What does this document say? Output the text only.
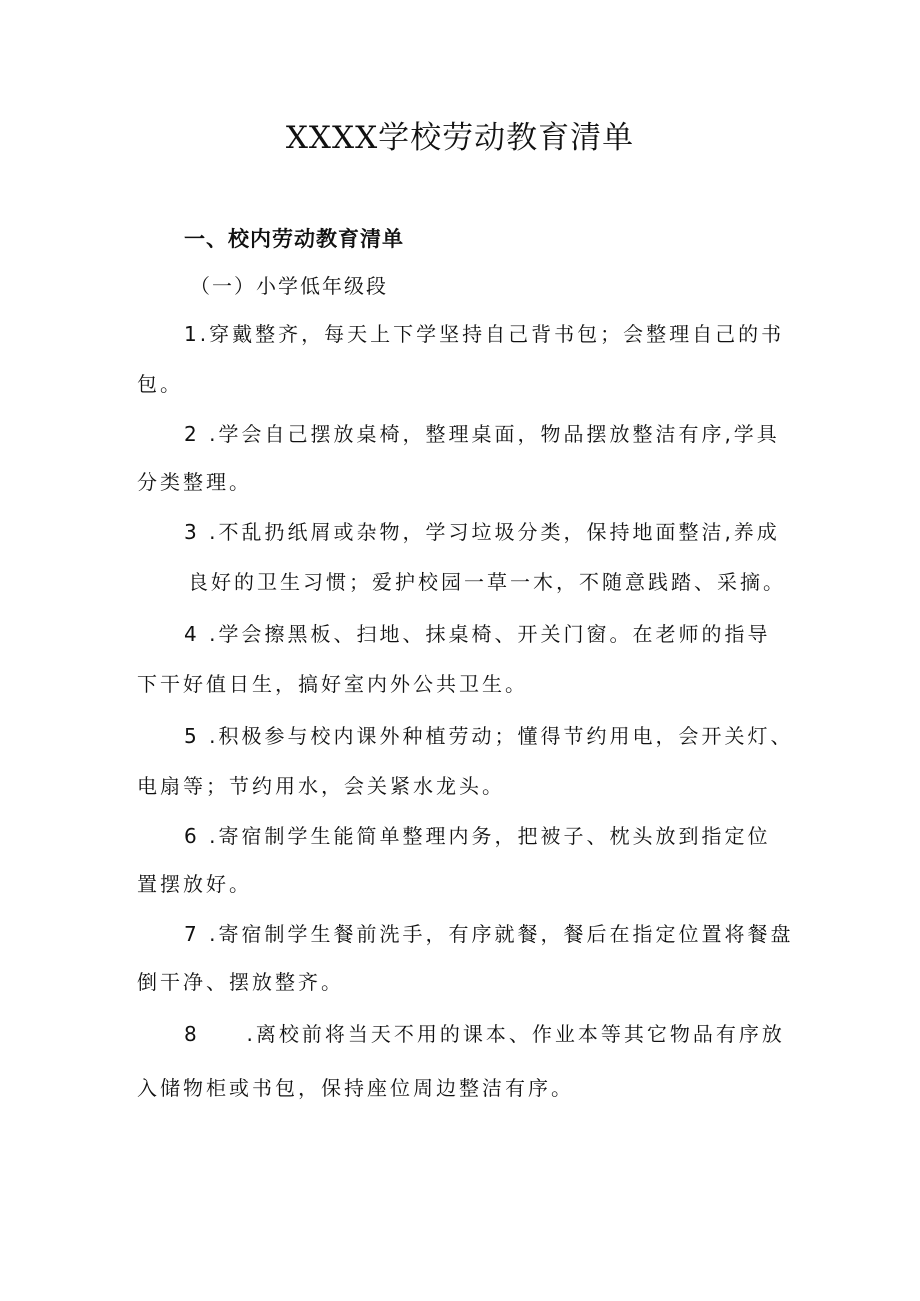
XXXX学校劳动教育清单
一、校内劳动教育清单
（一）小学低年级段
1.穿戴整齐，每天上下学坚持自己背书包；会整理自己的书
包。
2 .学会自己摆放桌椅，整理桌面，物品摆放整洁有序,学具
分类整理。
3 .不乱扔纸屑或杂物，学习垃圾分类，保持地面整洁,养成
良好的卫生习惯；爱护校园一草一木，不随意践踏、采摘。
4 .学会擦黑板、扫地、抹桌椅、开关门窗。在老师的指导
下干好值日生，搞好室内外公共卫生。
5 .积极参与校内课外种植劳动；懂得节约用电，会开关灯、
电扇等；节约用水，会关紧水龙头。
6 .寄宿制学生能简单整理内务，把被子、枕头放到指定位
置摆放好。
7 .寄宿制学生餐前洗手，有序就餐，餐后在指定位置将餐盘
倒干净、摆放整齐。
8     .离校前将当天不用的课本、作业本等其它物品有序放
入储物柜或书包，保持座位周边整洁有序。
